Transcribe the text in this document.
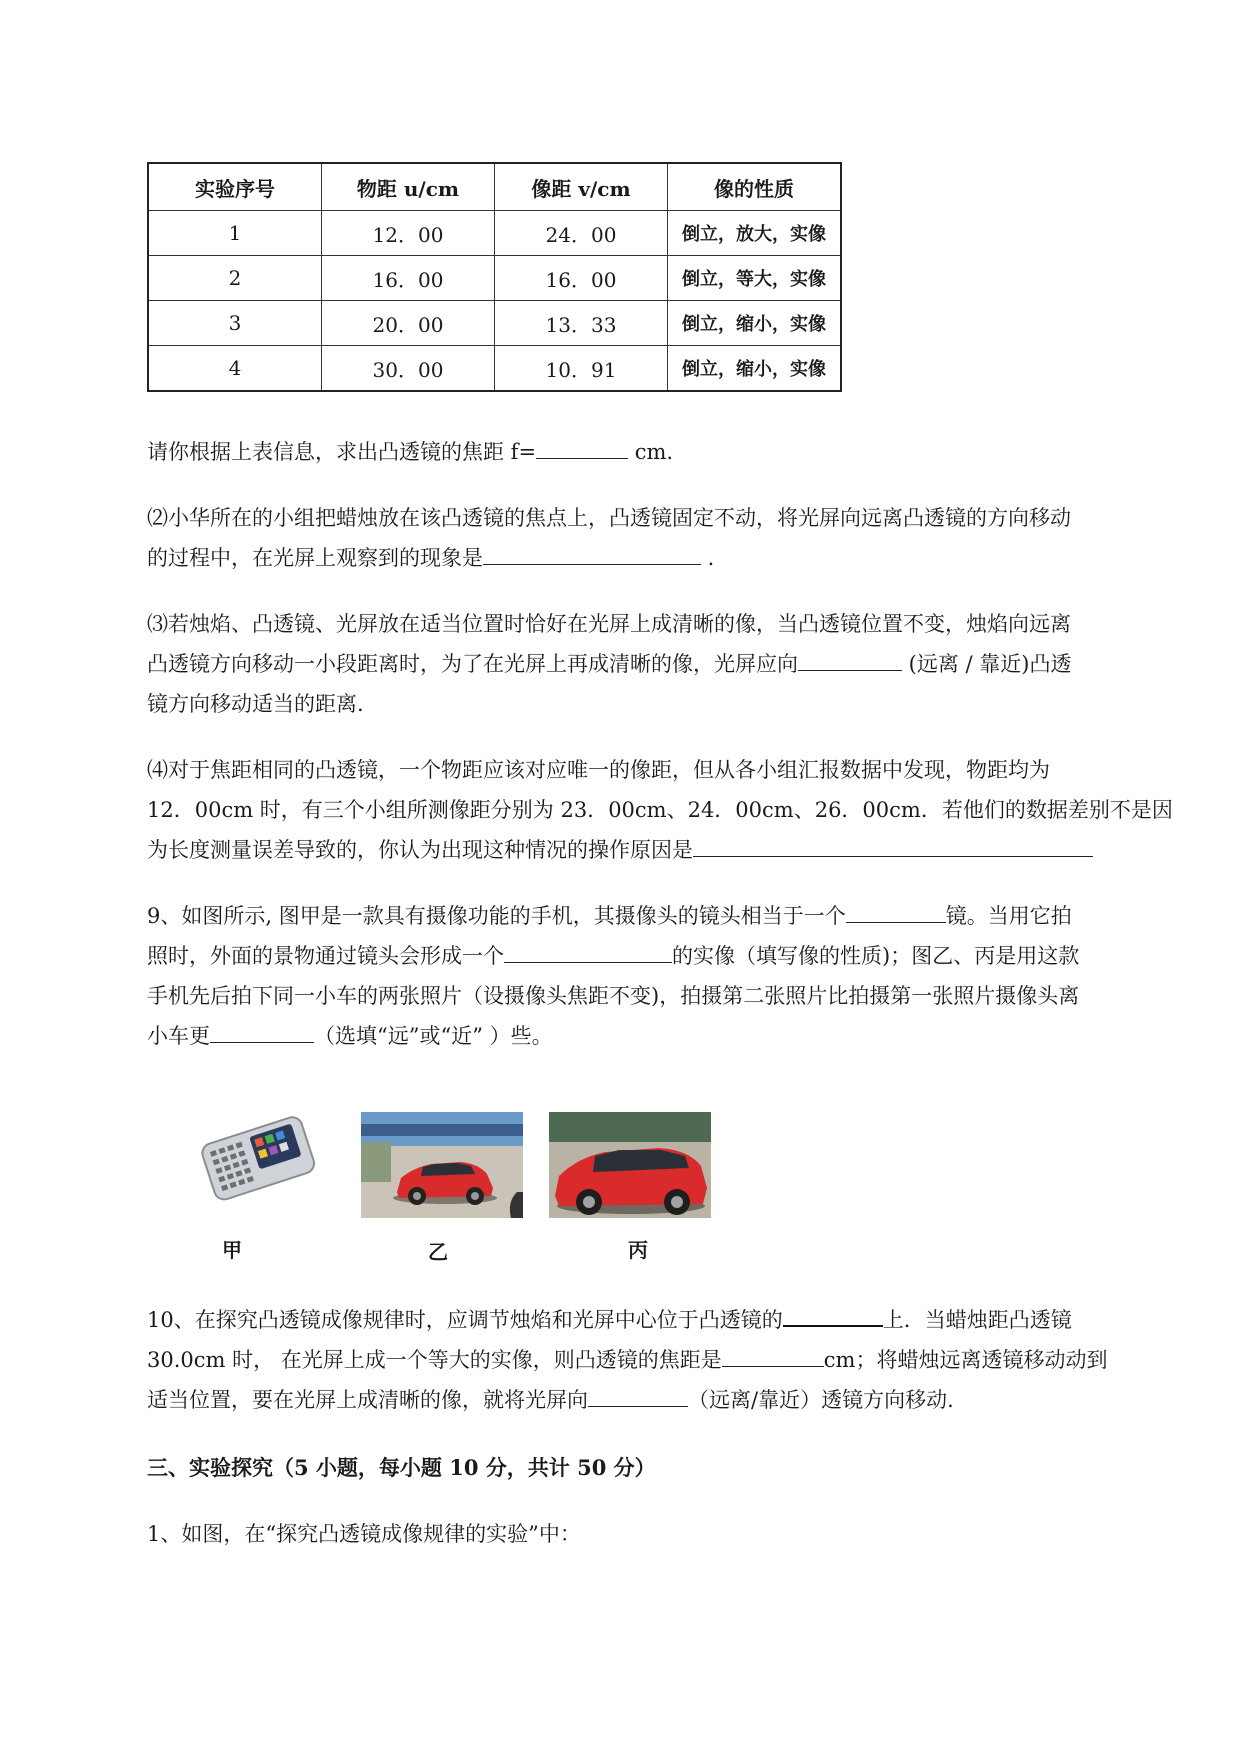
实验序号	物距 u/cm	像距 v/cm	像的性质
1	12．00	24．00	倒立，放大，实像
2	16．00	16．00	倒立，等大，实像
3	20．00	13．33	倒立，缩小，实像
4	30．00	10．91	倒立，缩小，实像
请你根据上表信息，求出凸透镜的焦距 f=	cm.
⑵小华所在的小组把蜡烛放在该凸透镜的焦点上，凸透镜固定不动，将光屏向远离凸透镜的方向移动
的过程中，在光屏上观察到的现象是	.
⑶若烛焰、凸透镜、光屏放在适当位置时恰好在光屏上成清晰的像，当凸透镜位置不变，烛焰向远离
凸透镜方向移动一小段距离时，为了在光屏上再成清晰的像，光屏应向	(远离 / 靠近)凸透
镜方向移动适当的距离.
⑷对于焦距相同的凸透镜，一个物距应该对应唯一的像距，但从各小组汇报数据中发现，物距均为
12．00cm 时，有三个小组所测像距分别为 23．00cm、24．00cm、26．00cm．若他们的数据差别不是因
为长度测量误差导致的，你认为出现这种情况的操作原因是
9、如图所示, 图甲是一款具有摄像功能的手机，其摄像头的镜头相当于一个	镜。当用它拍
照时，外面的景物通过镜头会形成一个	的实像（填写像的性质)；图乙、丙是用这款
手机先后拍下同一小车的两张照片（设摄像头焦距不变)，拍摄第二张照片比拍摄第一张照片摄像头离
小车更	（选填“远”或“近” ）些。
甲	乙	丙
10、在探究凸透镜成像规律时，应调节烛焰和光屏中心位于凸透镜的	上．当蜡烛距凸透镜
30.0cm 时， 在光屏上成一个等大的实像，则凸透镜的焦距是	cm；将蜡烛远离透镜移动动到
适当位置，要在光屏上成清晰的像，就将光屏向	（远离/靠近）透镜方向移动.
三、实验探究（5 小题，每小题 10 分，共计 50 分）
1、如图，在“探究凸透镜成像规律的实验”中：
